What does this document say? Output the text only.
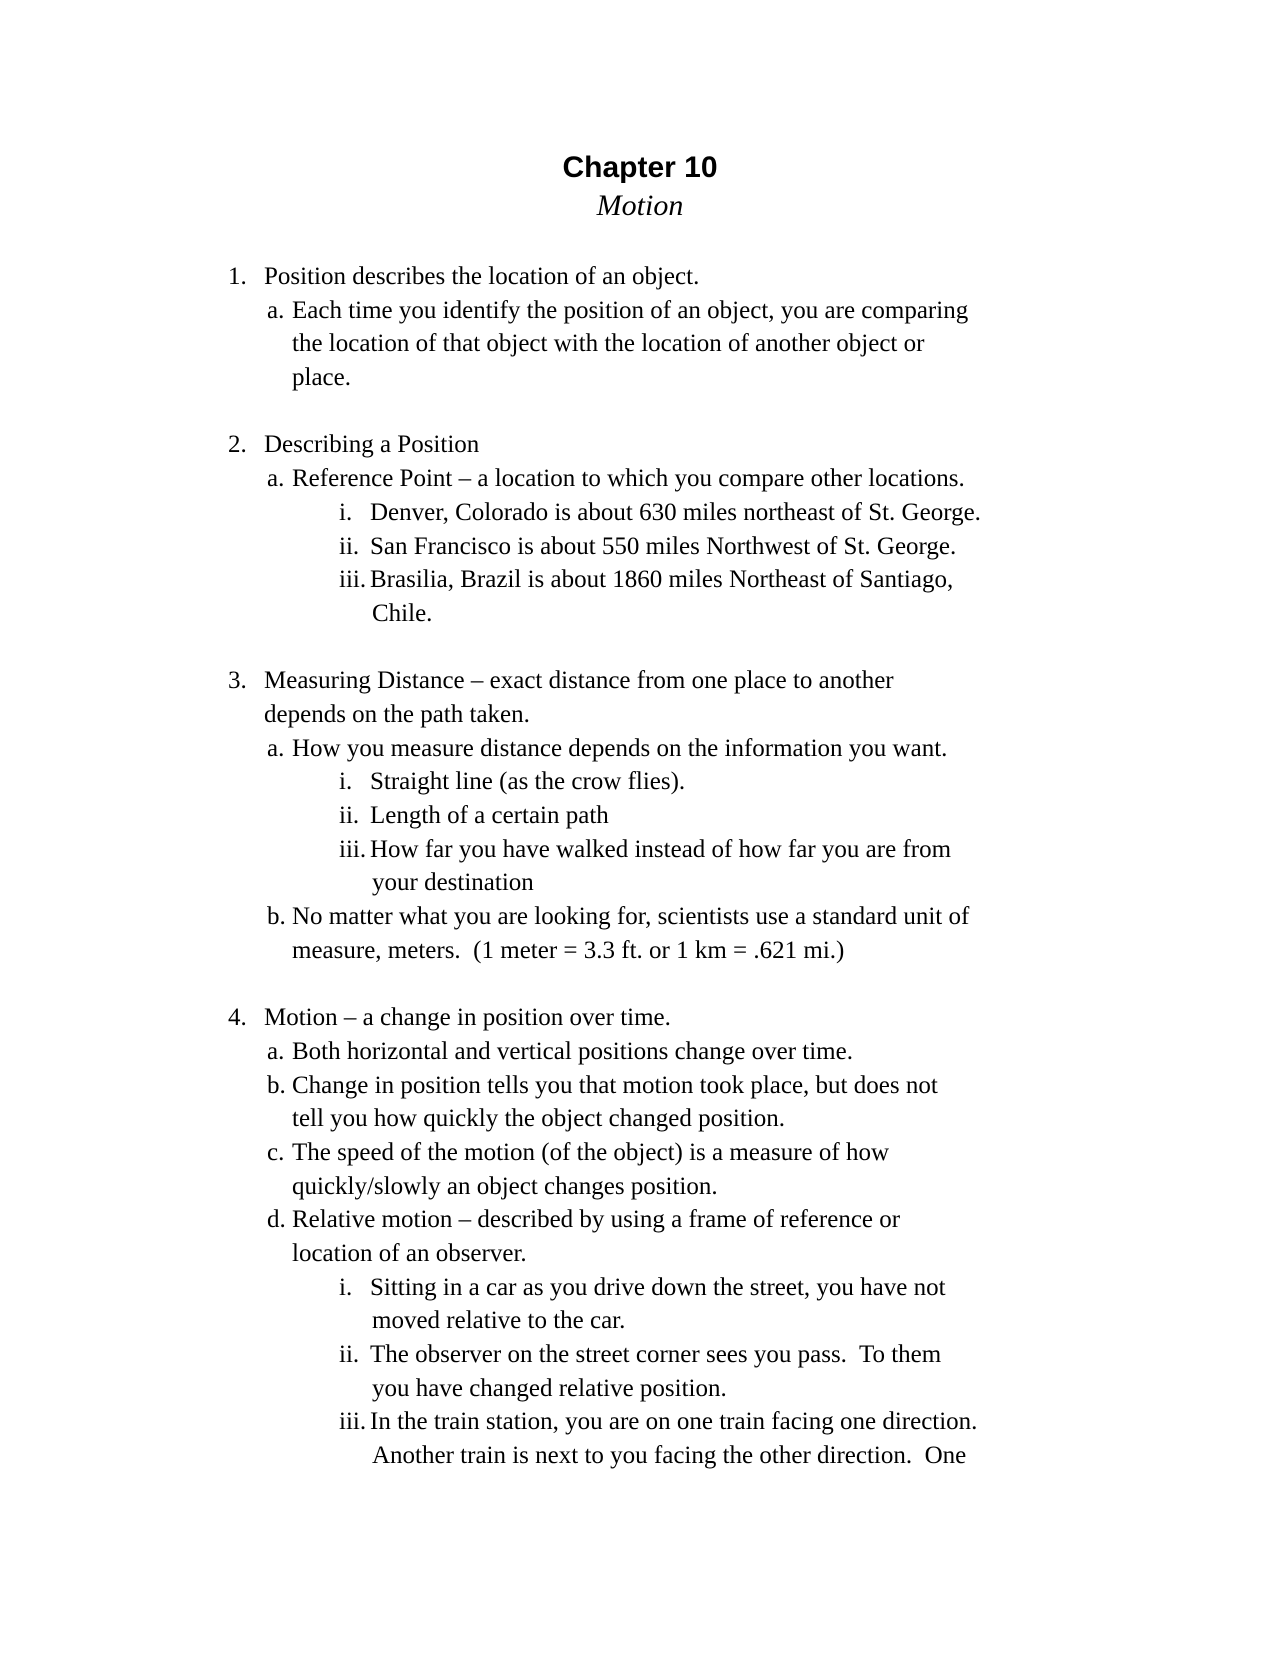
Chapter 10
Motion
1. Position describes the location of an object.
a. Each time you identify the position of an object, you are comparing
the location of that object with the location of another object or
place.
2. Describing a Position
a. Reference Point – a location to which you compare other locations.
i. Denver, Colorado is about 630 miles northeast of St. George.
ii. San Francisco is about 550 miles Northwest of St. George.
iii. Brasilia, Brazil is about 1860 miles Northeast of Santiago,
Chile.
3. Measuring Distance – exact distance from one place to another
depends on the path taken.
a. How you measure distance depends on the information you want.
i. Straight line (as the crow flies).
ii. Length of a certain path
iii. How far you have walked instead of how far you are from
your destination
b. No matter what you are looking for, scientists use a standard unit of
measure, meters.  (1 meter = 3.3 ft. or 1 km = .621 mi.)
4. Motion – a change in position over time.
a. Both horizontal and vertical positions change over time.
b. Change in position tells you that motion took place, but does not
tell you how quickly the object changed position.
c. The speed of the motion (of the object) is a measure of how
quickly/slowly an object changes position.
d. Relative motion – described by using a frame of reference or
location of an observer.
i. Sitting in a car as you drive down the street, you have not
moved relative to the car.
ii. The observer on the street corner sees you pass.  To them
you have changed relative position.
iii. In the train station, you are on one train facing one direction.
Another train is next to you facing the other direction.  One
